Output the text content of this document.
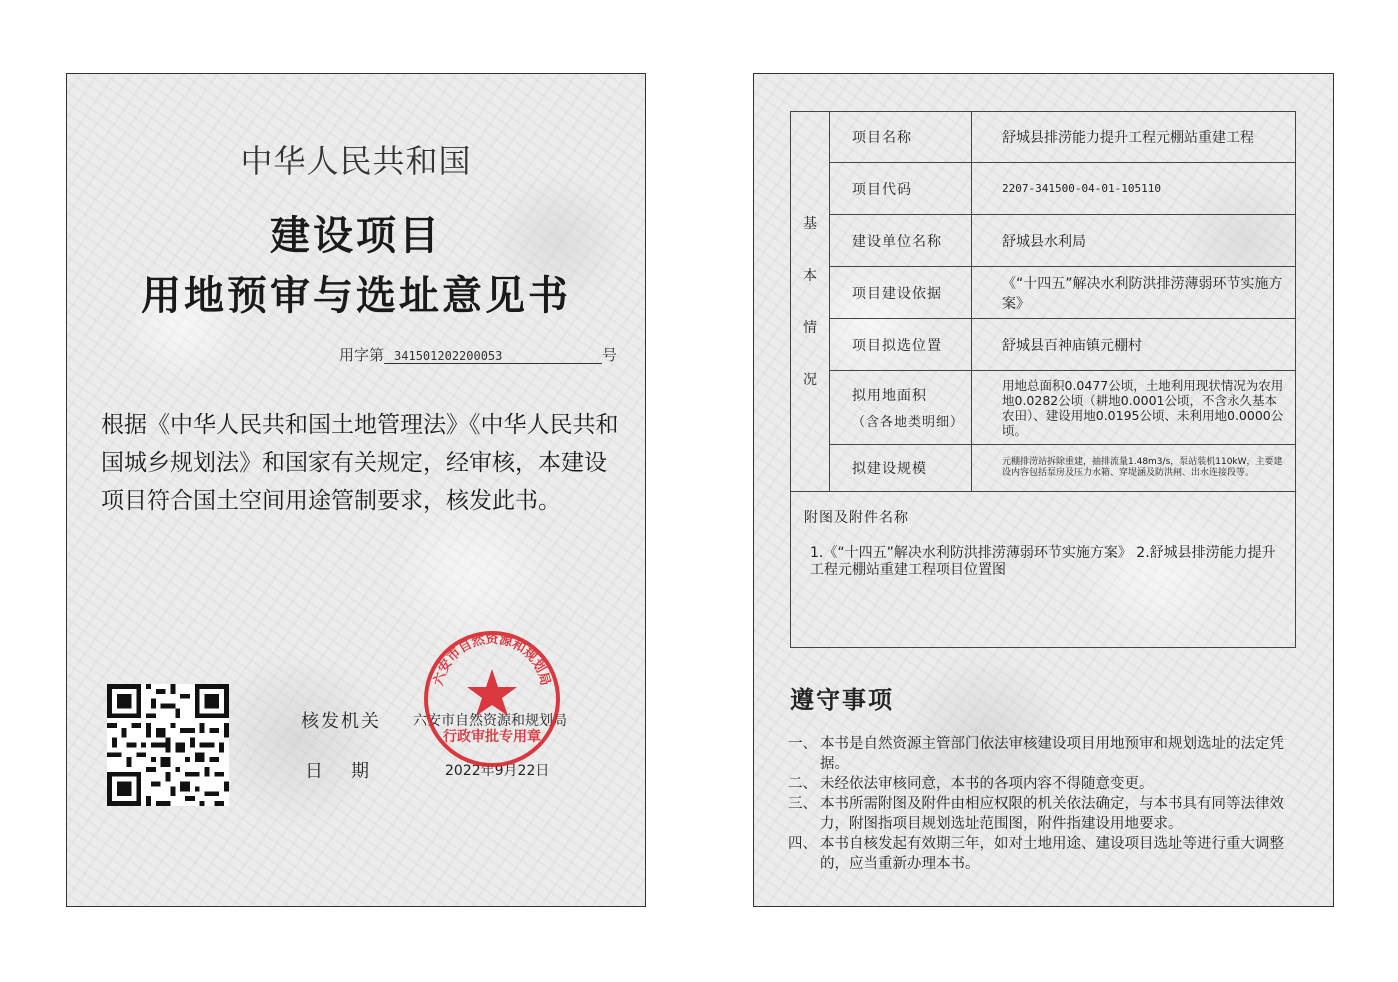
中华人民共和国
建设项目
用地预审与选址意见书
用字第 341501202200053	号
根据《中华人民共和国土地管理法》《中华人民共和国城乡规划法》和国家有关规定，经审核，本建设项目符合国土空间用途管制要求，核发此书。
核发机关 六安市自然资源和规划局
日期	2022年9月22日
六安市自然资源和规划局
行政审批专用章
基
本
情
况	项目名称	舒城县排涝能力提升工程元棚站重建工程
	项目代码	2207-341500-04-01-105110
	建设单位名称	舒城县水利局
	项目建设依据	《“十四五”解决水利防洪排涝薄弱环节实施方案》
	项目拟选位置	舒城县百神庙镇元棚村

	拟用地面积
（含各地类明细）	用地总面积0.0477公顷，土地利用现状情况为农用地0.0282公顷（耕地0.0001公顷，不含永久基本农田）、建设用地0.0195公顷、未利用地0.0000公顷。
	拟建设规模	元棚排涝站拆除重建，抽排流量1.48m3/s，泵站装机110kW，主要建设内容包括泵房及压力水箱、穿堤涵及防洪闸、出水连接段等。

附图及附件名称
1.《“十四五”解决水利防洪排涝薄弱环节实施方案》 2.舒城县排涝能力提升工程元棚站重建工程项目位置图		
遵守事项
一、 本书是自然资源主管部门依法审核建设项目用地预审和规划选址的法定凭据。
二、 未经依法审核同意，本书的各项内容不得随意变更。
三、 本书所需附图及附件由相应权限的机关依法确定，与本书具有同等法律效力，附图指项目规划选址范围图，附件指建设用地要求。
四、 本书自核发起有效期三年，如对土地用途、建设项目选址等进行重大调整的，应当重新办理本书。
